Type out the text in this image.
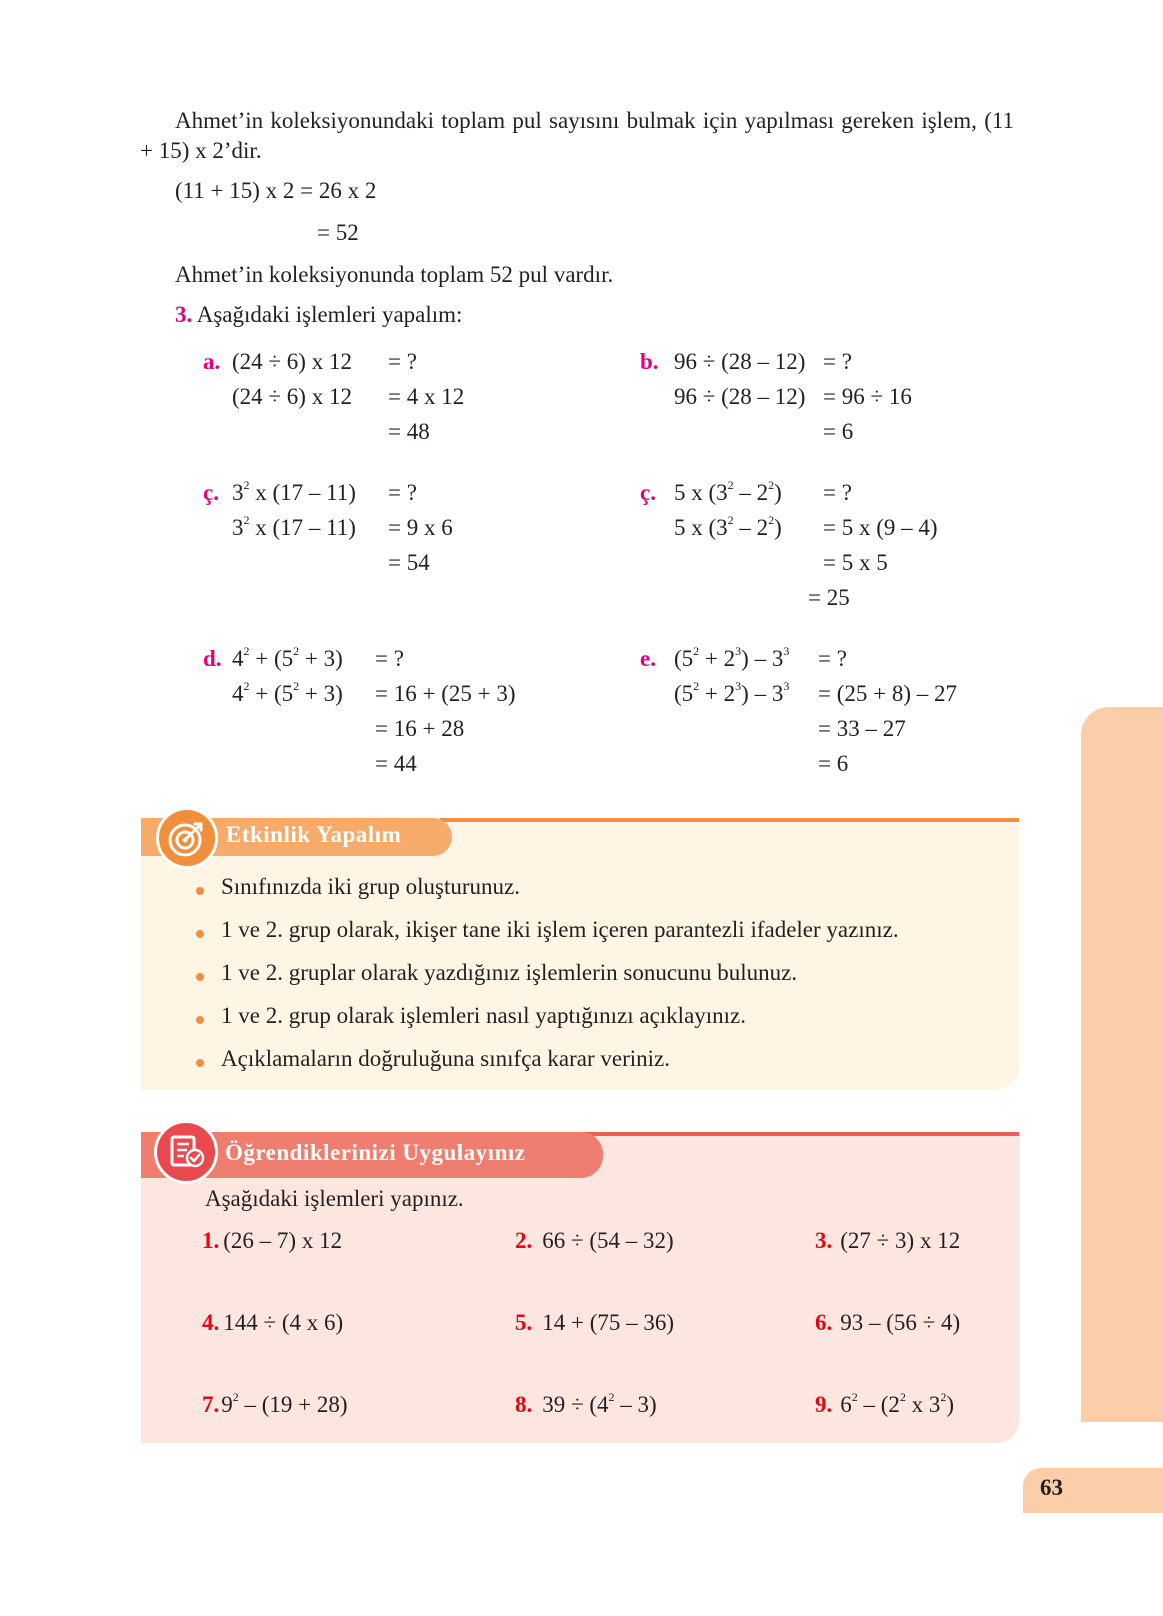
63
Ahmet’in koleksiyonundaki toplam pul sayısını bulmak için yapılması gereken işlem, (11 + 15) x 2’dir.
(11 + 15) x 2 = 26 x 2
= 52
Ahmet’in koleksiyonunda toplam 52 pul vardır.
3. Aşağıdaki işlemleri yapalım:
a. (24 ÷ 6) x 12 = ?
(24 ÷ 6) x 12 = 4 x 12
= 48
b. 96 ÷ (28 – 12) = ?
96 ÷ (28 – 12) = 96 ÷ 16
= 6
ç. $3^2$ x (17 – 11) = ?
$3^2$ x (17 – 11) = 9 x 6
= 54
ç. 5 x $(3^2 - 2^2)$ = ?
5 x $(3^2 - 2^2) = 5$ x (9 – 4)
= 5 x 5
= 25
d. $4^2 + (5^2 + 3)$ = ?
$4^2 + (5^2 + 3) = 16 + (25 + 3)$
= 16 + 28
= 44
e. $(5^2 + 2^3) - 3^3$ = ?
$(5^2 + 2^3) - 3^3 = (25 + 8) - 27$
= 33 – 27
= 6
Etkinlik Yapalım
Sınıfınızda iki grup oluşturunuz.
1 ve 2. grup olarak, ikişer tane iki işlem içeren parantezli ifadeler yazınız.
1 ve 2. gruplar olarak yazdığınız işlemlerin sonucunu bulunuz.
1 ve 2. grup olarak işlemleri nasıl yaptığınızı açıklayınız.
Açıklamaların doğruluğuna sınıfça karar veriniz.
Öğrendiklerinizi Uygulayınız
Aşağıdaki işlemleri yapınız.
1. (26 – 7) x 12	2. 66 ÷ (54 – 32)	3. (27 ÷ 3) x 12
4. 144 ÷ (4 x 6)	5. 14 + (75 – 36)	6. 93 – (56 ÷ 4)
$7.9^2 - (19 + 28)$	8. $39 \div (4^2 - 3)$	9. $6^2 - (2^2$ x $3^2$)
